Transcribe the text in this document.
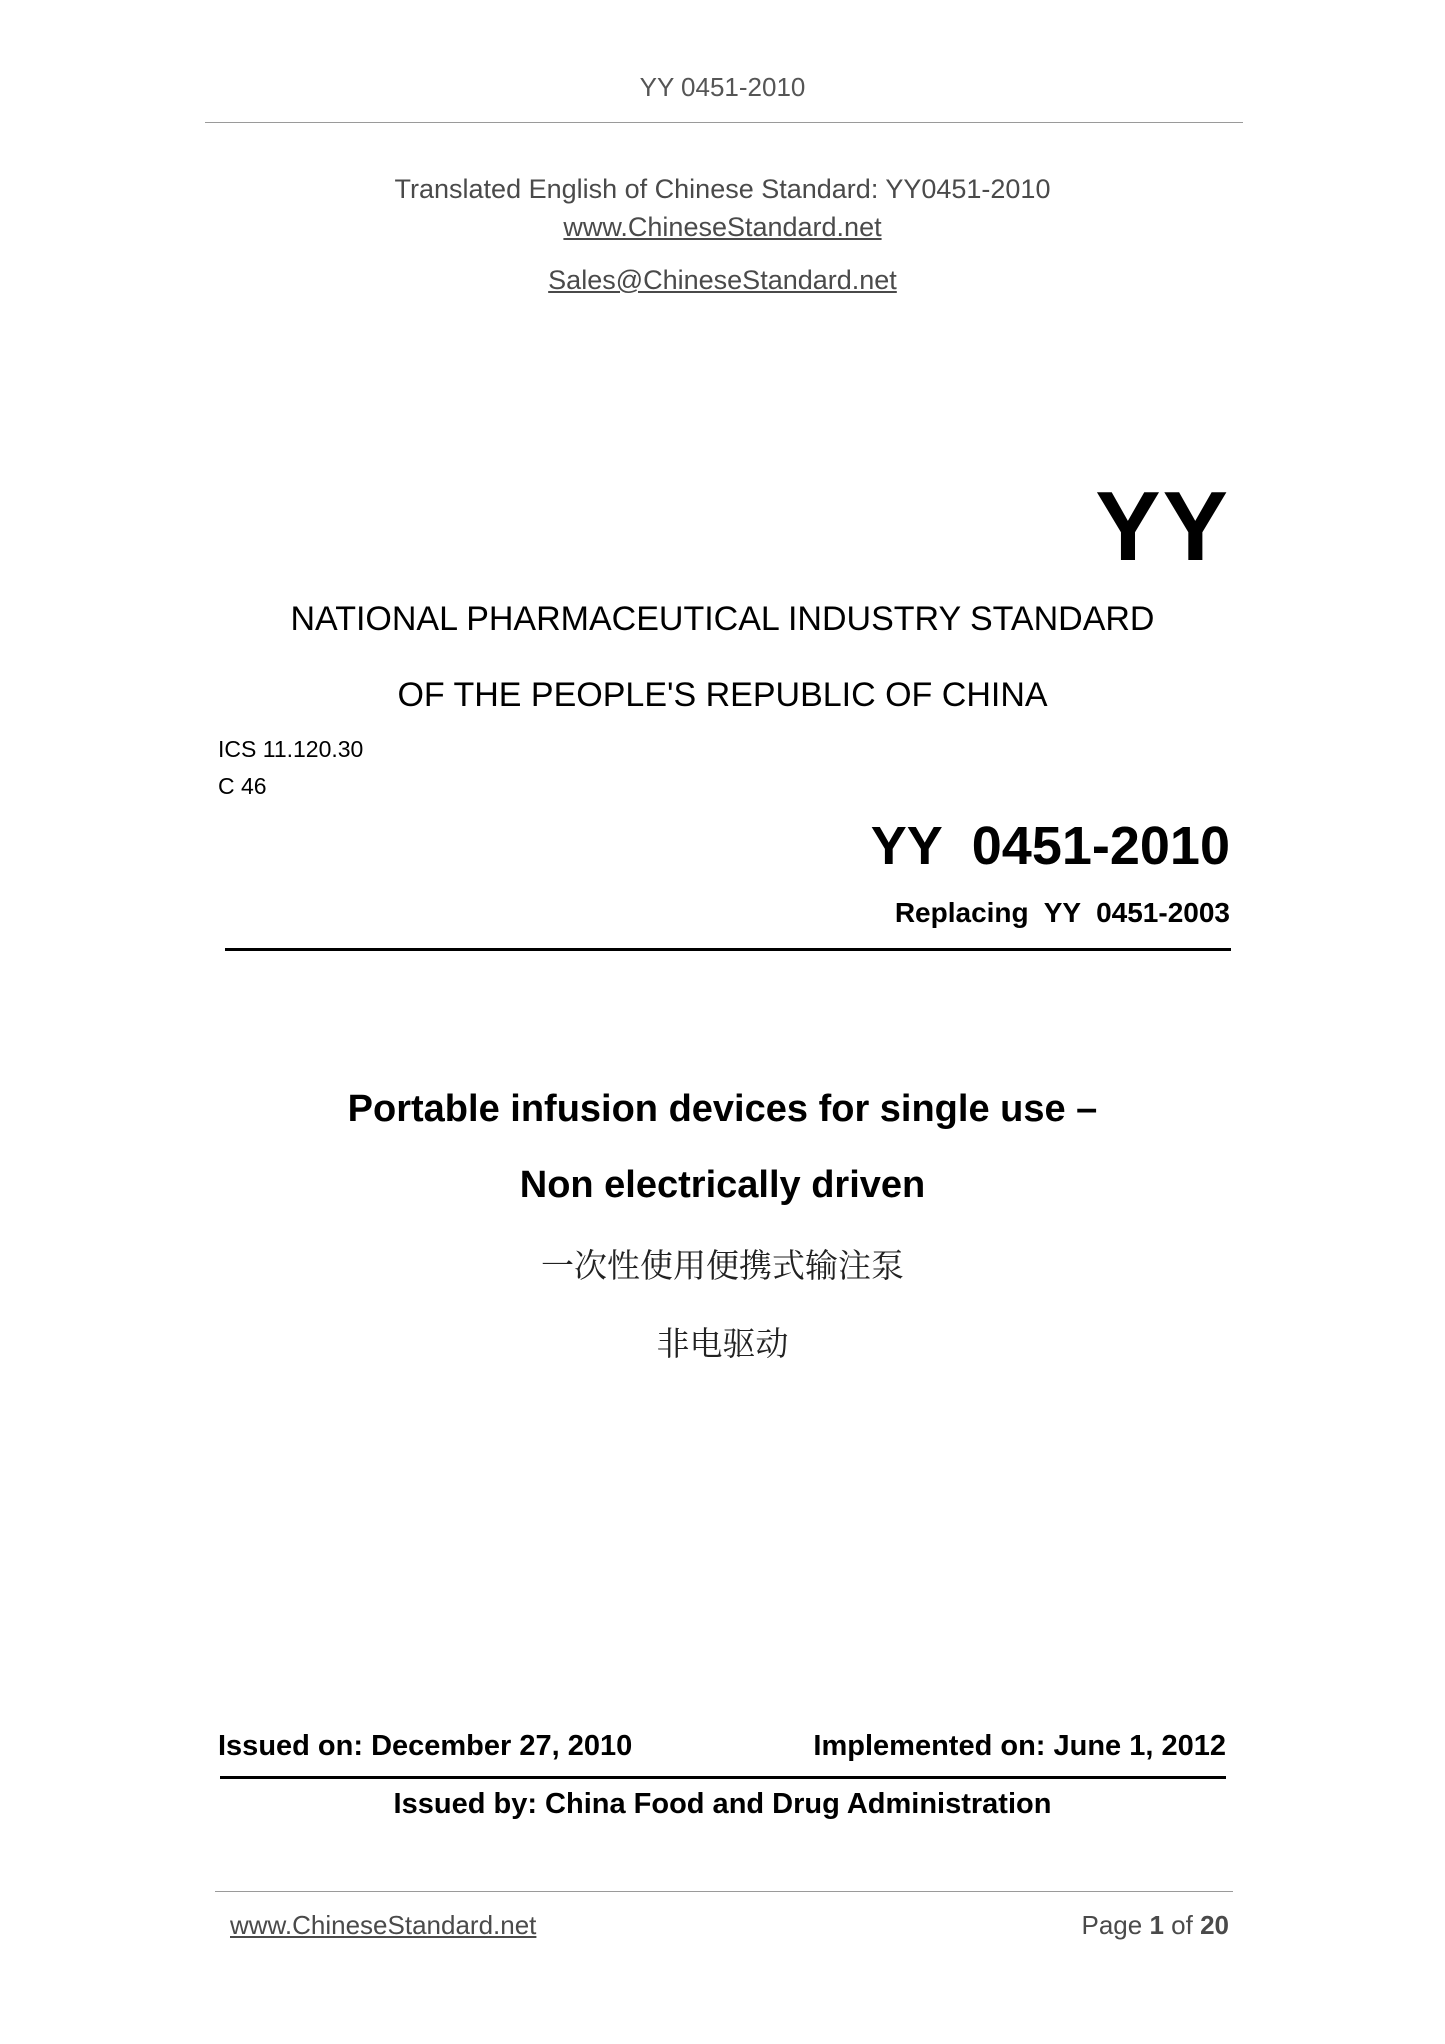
YY 0451-2010
Translated English of Chinese Standard: YY0451-2010
www.ChineseStandard.net
Sales@ChineseStandard.net
YY
NATIONAL PHARMACEUTICAL INDUSTRY STANDARD
OF THE PEOPLE'S REPUBLIC OF CHINA
ICS 11.120.30
C 46
YY  0451-2010
Replacing  YY  0451-2003
Portable infusion devices for single use –
Non electrically driven
一次性使用便携式输注泵
非电驱动
Issued on: December 27, 2010	Implemented on: June 1, 2012
Issued by: China Food and Drug Administration
www.ChineseStandard.net	Page 1 of 20
